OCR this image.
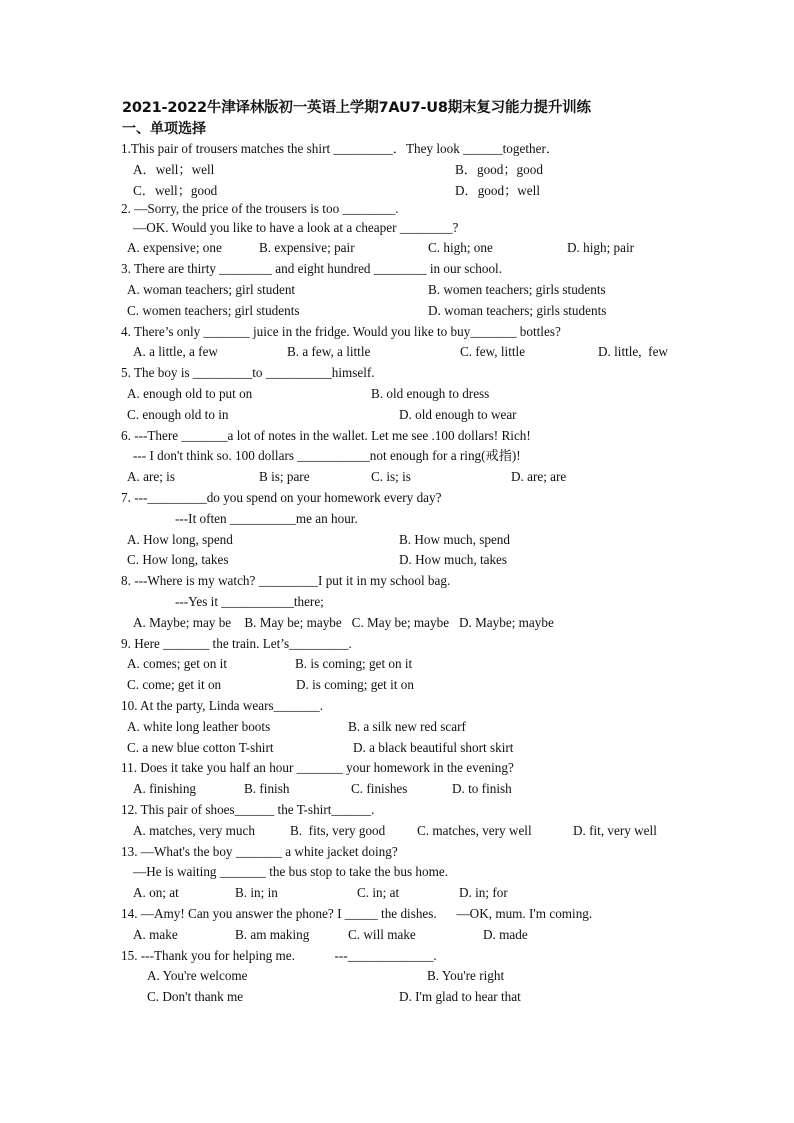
2021-2022牛津译林版初一英语上学期7AU7-U8期末复习能力提升训练
一、单项选择
1.This pair of trousers matches the shirt _________．They look ______together．
A．well；well	B．good；good
C．well；good	D．good；well
2. —Sorry, the price of the trousers is too ________.
—OK. Would you like to have a look at a cheaper ________?
A. expensive; one	B. expensive; pair	C. high; one	D. high; pair
3. There are thirty ________ and eight hundred ________ in our school.
A. woman teachers; girl student	B. women teachers; girls students
C. women teachers; girl students	D. woman teachers; girls students
4. There’s only _______ juice in the fridge. Would you like to buy_______ bottles?
A. a little, a few	B. a few, a little	C. few, little	D. little,  few
5. The boy is _________to __________himself.
A. enough old to put on	B. old enough to dress
C. enough old to in	D. old enough to wear
6. ---There _______a lot of notes in the wallet. Let me see .100 dollars! Rich!
--- I don't think so. 100 dollars ___________not enough for a ring(戒指)!
A. are; is	B is; pare	C. is; is	D. are; are
7. ---_________do you spend on your homework every day?
---It often __________me an hour.
A. How long, spend	B. How much, spend
C. How long, takes	D. How much, takes
8. ---Where is my watch? _________I put it in my school bag.
---Yes it ___________there;
A. Maybe; may be    B. May be; maybe   C. May be; maybe   D. Maybe; maybe
9. Here _______ the train. Let’s_________.
A. comes; get on it	B. is coming; get on it
C. come; get it on	D. is coming; get it on
10. At the party, Linda wears_______.
A. white long leather boots	B. a silk new red scarf
C. a new blue cotton T-shirt	D. a black beautiful short skirt
11. Does it take you half an hour _______ your homework in the evening?
A. finishing	B. finish	C. finishes	D. to finish
12. This pair of shoes______ the T-shirt______.
A. matches, very much	B.  fits, very good C. matches, very well	D. fit, very well
13. —What's the boy _______ a white jacket doing?
—He is waiting _______ the bus stop to take the bus home.
A. on; at	B. in; in	C. in; at	D. in; for
14. —Amy! Can you answer the phone? I _____ the dishes.      —OK, mum. I'm coming.
A. make	B. am making	C. will make	D. made
15. ---Thank you for helping me.            ---_____________.
A. You're welcome	B. You're right
C. Don't thank me	D. I'm glad to hear that
